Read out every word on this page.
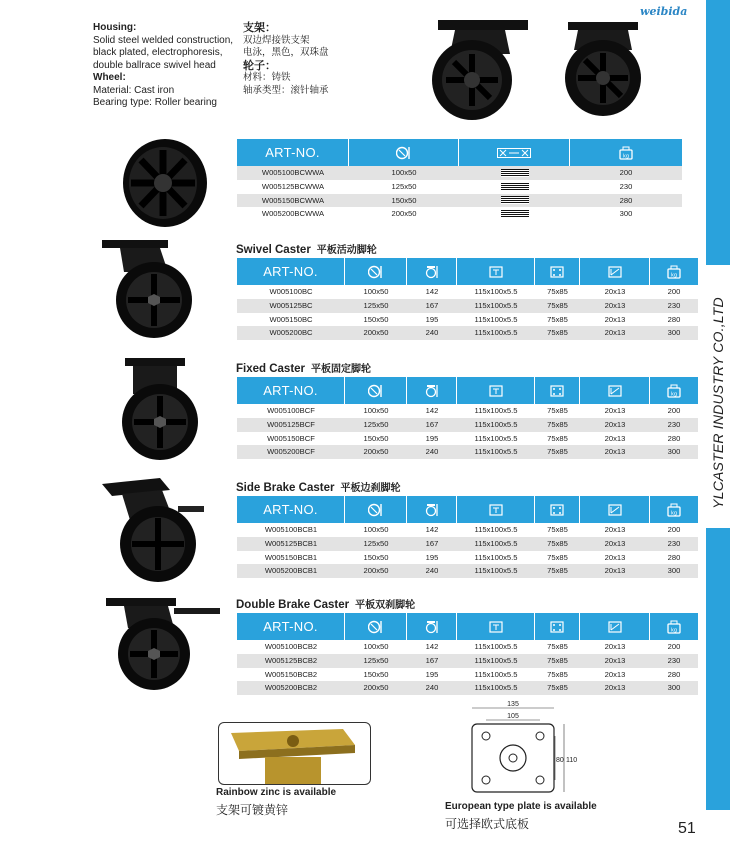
YLCASTER INDUSTRY CO.,LTD
weibida
51
Housing:
Solid steel welded construction,
black plated, electrophoresis,
double ballrace swivel head
Wheel:
Material: Cast iron
Bearing type: Roller bearing
支架：
双边焊接铁支架
电泳，黑色，双珠盘
轮子：
材料：铸铁
轴承类型：滚针轴承
ART-NO.	kg
W005100BCWWA	100x50	200
W005125BCWWA	125x50	230
W005150BCWWA	150x50	280
W005200BCWWA	200x50	300
Swivel Caster 平板活动脚轮
ART-NO.	kg
W005100BC	100x50	142	115x100x5.5	75x85	20x13	200
W005125BC	125x50	167	115x100x5.5	75x85	20x13	230
W005150BC	150x50	195	115x100x5.5	75x85	20x13	280
W005200BC	200x50	240	115x100x5.5	75x85	20x13	300
Fixed Caster 平板固定脚轮
ART-NO.	kg
W005100BCF	100x50	142	115x100x5.5	75x85	20x13	200
W005125BCF	125x50	167	115x100x5.5	75x85	20x13	230
W005150BCF	150x50	195	115x100x5.5	75x85	20x13	280
W005200BCF	200x50	240	115x100x5.5	75x85	20x13	300
Side Brake Caster 平板边刹脚轮
ART-NO.	kg
W005100BCB1	100x50	142	115x100x5.5	75x85	20x13	200
W005125BCB1	125x50	167	115x100x5.5	75x85	20x13	230
W005150BCB1	150x50	195	115x100x5.5	75x85	20x13	280
W005200BCB1	200x50	240	115x100x5.5	75x85	20x13	300
Double Brake Caster 平板双刹脚轮
ART-NO.	kg
W005100BCB2	100x50	142	115x100x5.5	75x85	20x13	200
W005125BCB2	125x50	167	115x100x5.5	75x85	20x13	230
W005150BCB2	150x50	195	115x100x5.5	75x85	20x13	280
W005200BCB2	200x50	240	115x100x5.5	75x85	20x13	300
Rainbow zinc is available
支架可镀黄锌
135
105
80 110
European type plate is available
可选择欧式底板
